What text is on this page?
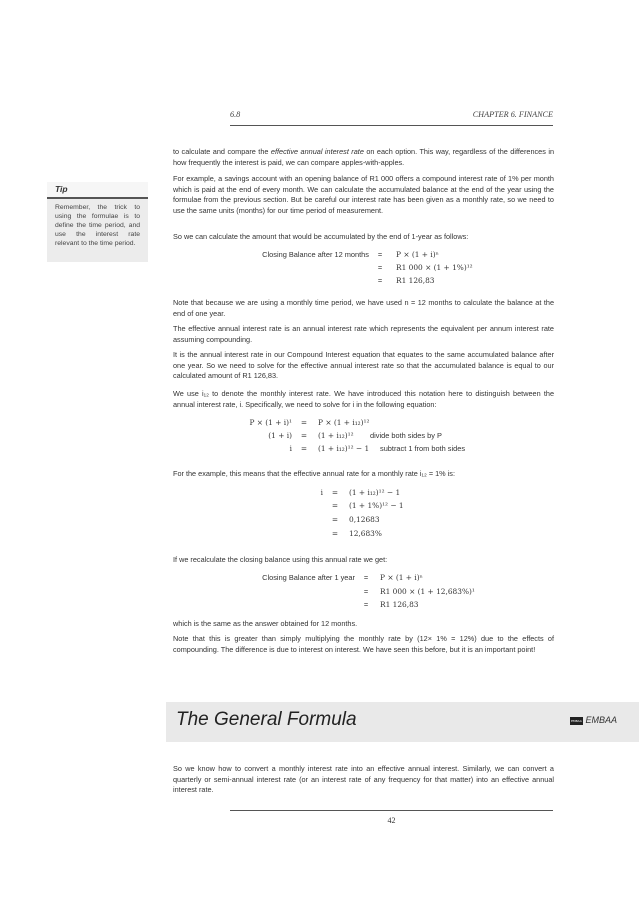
6.8	CHAPTER 6. FINANCE
Tip
Remember, the trick to using the formulae is to define the time period, and use the interest rate relevant to the time period.

to calculate and compare the effective annual interest rate on each option. This way, regardless of the differences in how frequently the interest is paid, we can compare apples-with-apples.

For example, a savings account with an opening balance of R1 000 offers a compound interest rate of 1% per month which is paid at the end of every month. We can calculate the accumulated balance at the end of the year using the formulae from the previous section. But be careful our interest rate has been given as a monthly rate, so we need to use the same units (months) for our time period of measurement.

So we can calculate the amount that would be accumulated by the end of 1-year as follows:

Closing Balance after 12 months	=	P × (1 + i)ⁿ
=	R1 000 × (1 + 1%)¹²
=	R1 126,83

Note that because we are using a monthly time period, we have used n = 12 months to calculate the balance at the end of one year.

The effective annual interest rate is an annual interest rate which represents the equivalent per annum interest rate assuming compounding.

It is the annual interest rate in our Compound Interest equation that equates to the same accumulated balance after one year. So we need to solve for the effective annual interest rate so that the accumulated balance is equal to our calculated amount of R1 126,83.

We use i₁₂ to denote the monthly interest rate. We have introduced this notation here to distinguish between the annual interest rate, i. Specifically, we need to solve for i in the following equation:

P × (1 + i)¹	=	P × (1 + i₁₂)¹²
(1 + i)	=	(1 + i₁₂)¹² divide both sides by P
i	=	(1 + i₁₂)¹² − 1 subtract 1 from both sides

For the example, this means that the effective annual rate for a monthly rate i₁₂ = 1% is:

i	=	(1 + i₁₂)¹² − 1
=	(1 + 1%)¹² − 1
=	0,12683
=	12,683%

If we recalculate the closing balance using this annual rate we get:

Closing Balance after 1 year	=	P × (1 + i)ⁿ
=	R1 000 × (1 + 12,683%)¹
=	R1 126,83

which is the same as the answer obtained for 12 months.

Note that this is greater than simply multiplying the monthly rate by (12× 1% = 12%) due to the effects of compounding. The difference is due to interest on interest. We have seen this before, but it is an important point!

The General Formula	EMBAA EMBAA

So we know how to convert a monthly interest rate into an effective annual interest. Similarly, we can convert a quarterly or semi-annual interest rate (or an interest rate of any frequency for that matter) into an effective annual interest rate.

42
